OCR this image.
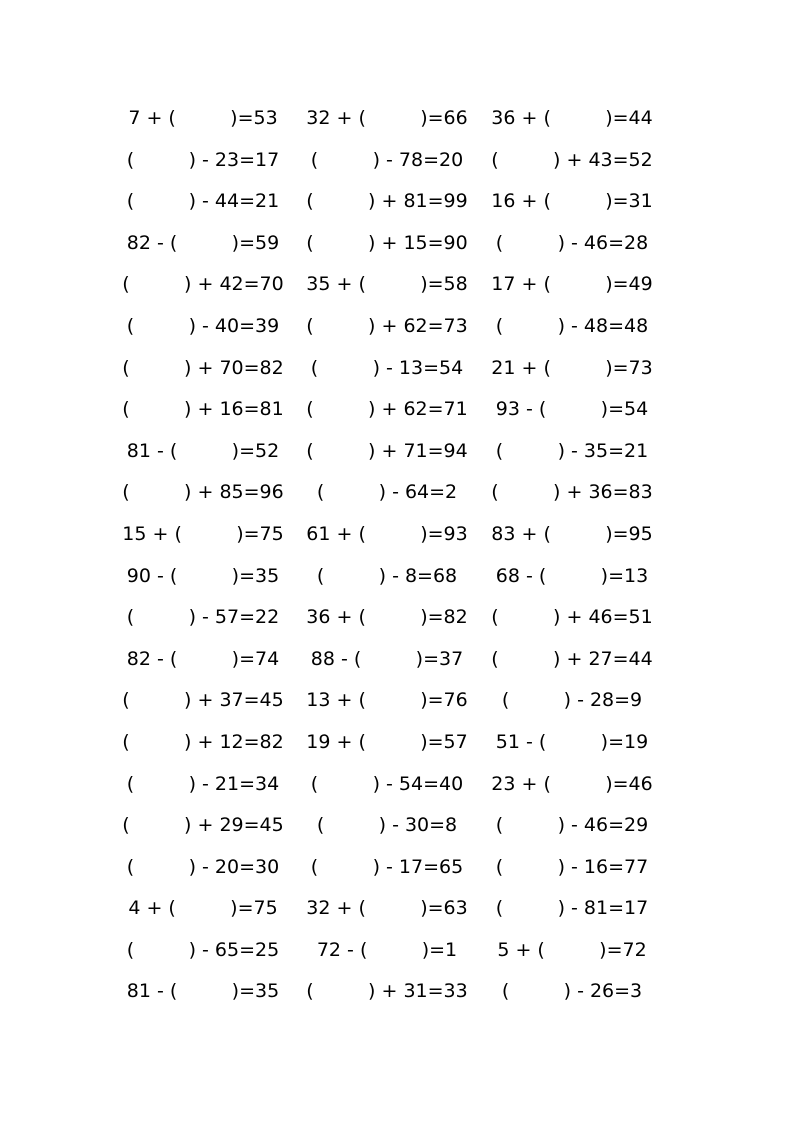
7 + (         )=53	32 + (         )=66	36 + (         )=44
(         ) - 23=17	(         ) - 78=20	(         ) + 43=52
(         ) - 44=21	(         ) + 81=99	16 + (         )=31
82 - (         )=59	(         ) + 15=90	(         ) - 46=28
(         ) + 42=70	35 + (         )=58	17 + (         )=49
(         ) - 40=39	(         ) + 62=73	(         ) - 48=48
(         ) + 70=82	(         ) - 13=54	21 + (         )=73
(         ) + 16=81	(         ) + 62=71	93 - (         )=54
81 - (         )=52	(         ) + 71=94	(         ) - 35=21
(         ) + 85=96	(         ) - 64=2	(         ) + 36=83
15 + (         )=75	61 + (         )=93	83 + (         )=95
90 - (         )=35	(         ) - 8=68	68 - (         )=13
(         ) - 57=22	36 + (         )=82	(         ) + 46=51
82 - (         )=74	88 - (         )=37	(         ) + 27=44
(         ) + 37=45	13 + (         )=76	(         ) - 28=9
(         ) + 12=82	19 + (         )=57	51 - (         )=19
(         ) - 21=34	(         ) - 54=40	23 + (         )=46
(         ) + 29=45	(         ) - 30=8	(         ) - 46=29
(         ) - 20=30	(         ) - 17=65	(         ) - 16=77
4 + (         )=75	32 + (         )=63	(         ) - 81=17
(         ) - 65=25	72 - (         )=1	5 + (         )=72
81 - (         )=35	(         ) + 31=33	(         ) - 26=3
